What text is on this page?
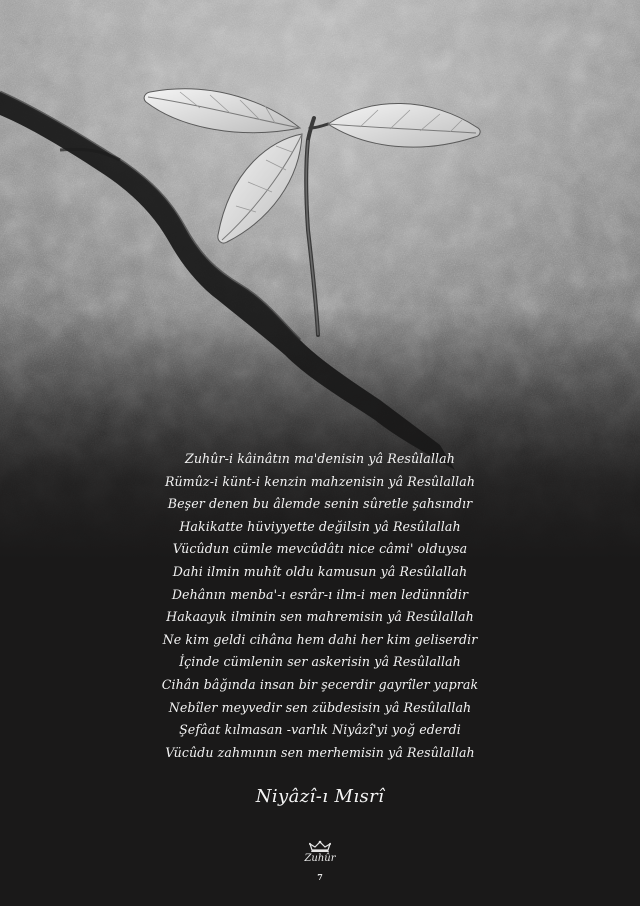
Zuhûr-i kâinâtın ma'denisin yâ Resûlallah
Rümûz-i künt-i kenzin mahzenisin yâ Resûlallah
Beşer denen bu âlemde senin sûretle şahsındır
Hakikatte hüviyyette değilsin yâ Resûlallah
Vücûdun cümle mevcûdâtı nice câmi' olduysa
Dahi ilmin muhît oldu kamusun yâ Resûlallah
Dehânın menba'-ı esrâr-ı ilm-i men ledünnîdir
Hakaayık ilminin sen mahremisin yâ Resûlallah
Ne kim geldi cihâna hem dahi her kim geliserdir
İçinde cümlenin ser askerisin yâ Resûlallah
Cihân bâğında insan bir şecerdir gayrîler yaprak
Nebîler meyvedir sen zübdesisin yâ Resûlallah
Şefâat kılmasan -varlık Niyâzî'yi yoğ ederdi
Vücûdu zahmının sen merhemisin yâ Resûlallah
Niyâzî-ı Mısrî
Zuhûr
7
